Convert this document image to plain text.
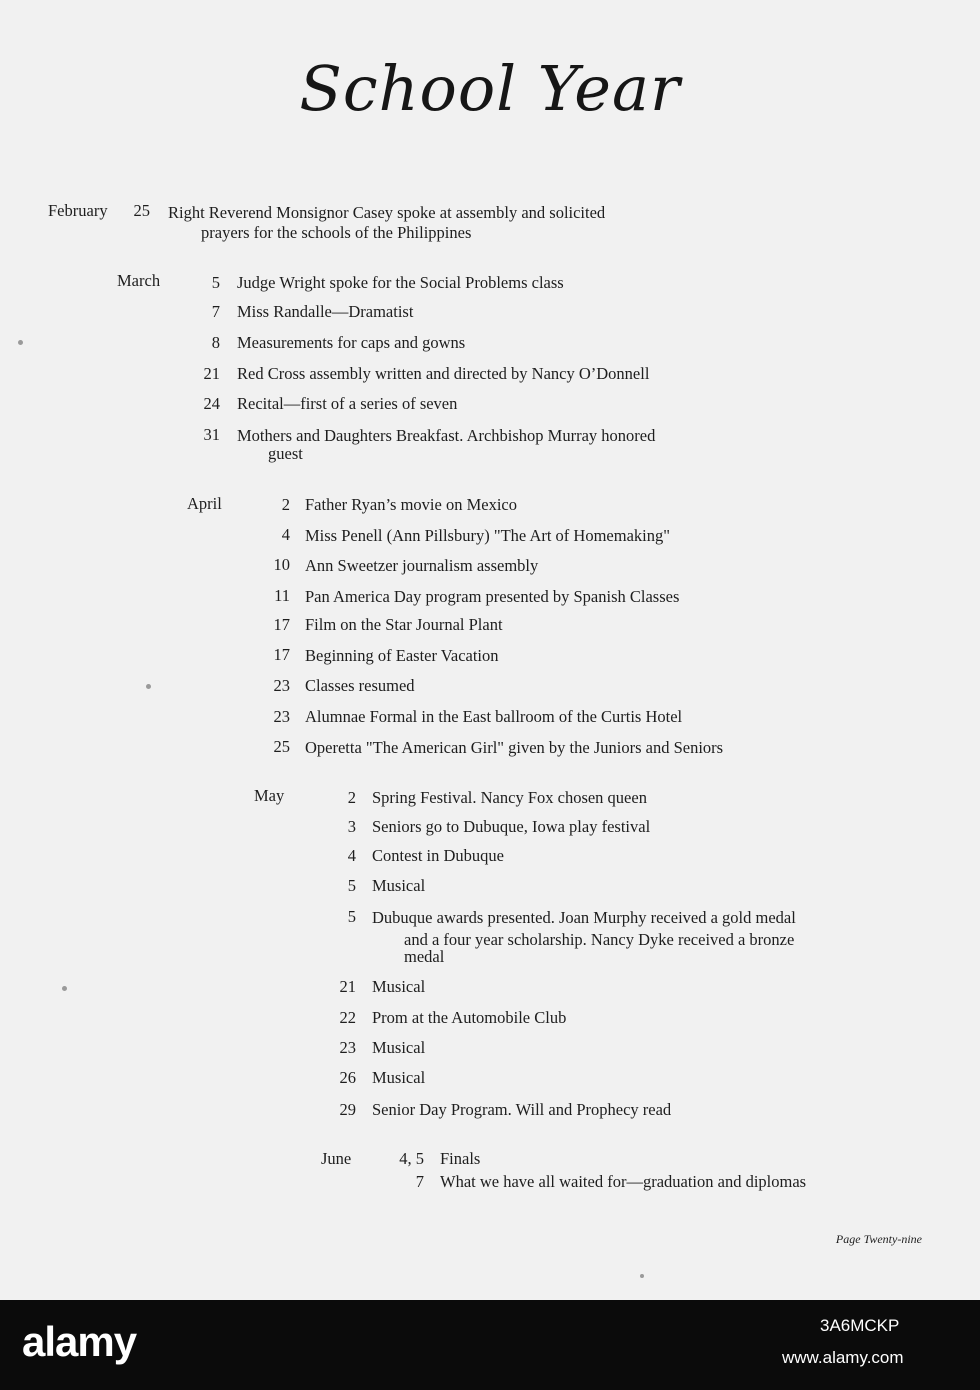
School Year
February	25 Right Reverend Monsignor Casey spoke at assembly and solicited
prayers for the schools of the Philippines
March	5 Judge Wright spoke for the Social Problems class
7 Miss Randalle—Dramatist
8 Measurements for caps and gowns
21 Red Cross assembly written and directed by Nancy O’Donnell
24 Recital—first of a series of seven
31 Mothers and Daughters Breakfast. Archbishop Murray honored
guest
April	2 Father Ryan’s movie on Mexico
4 Miss Penell (Ann Pillsbury) "The Art of Homemaking"
10 Ann Sweetzer journalism assembly
11 Pan America Day program presented by Spanish Classes
17 Film on the Star Journal Plant
17 Beginning of Easter Vacation
23 Classes resumed
23 Alumnae Formal in the East ballroom of the Curtis Hotel
25 Operetta "The American Girl" given by the Juniors and Seniors
May	2 Spring Festival. Nancy Fox chosen queen
3 Seniors go to Dubuque, Iowa play festival
4 Contest in Dubuque
5 Musical
5 Dubuque awards presented. Joan Murphy received a gold medal
and a four year scholarship. Nancy Dyke received a bronze
medal
21 Musical
22 Prom at the Automobile Club
23 Musical
26 Musical
29 Senior Day Program. Will and Prophecy read
June	4, 5 Finals
7 What we have all waited for—graduation and diplomas
Page Twenty-nine
alamy	3A6MCKP
www.alamy.com
